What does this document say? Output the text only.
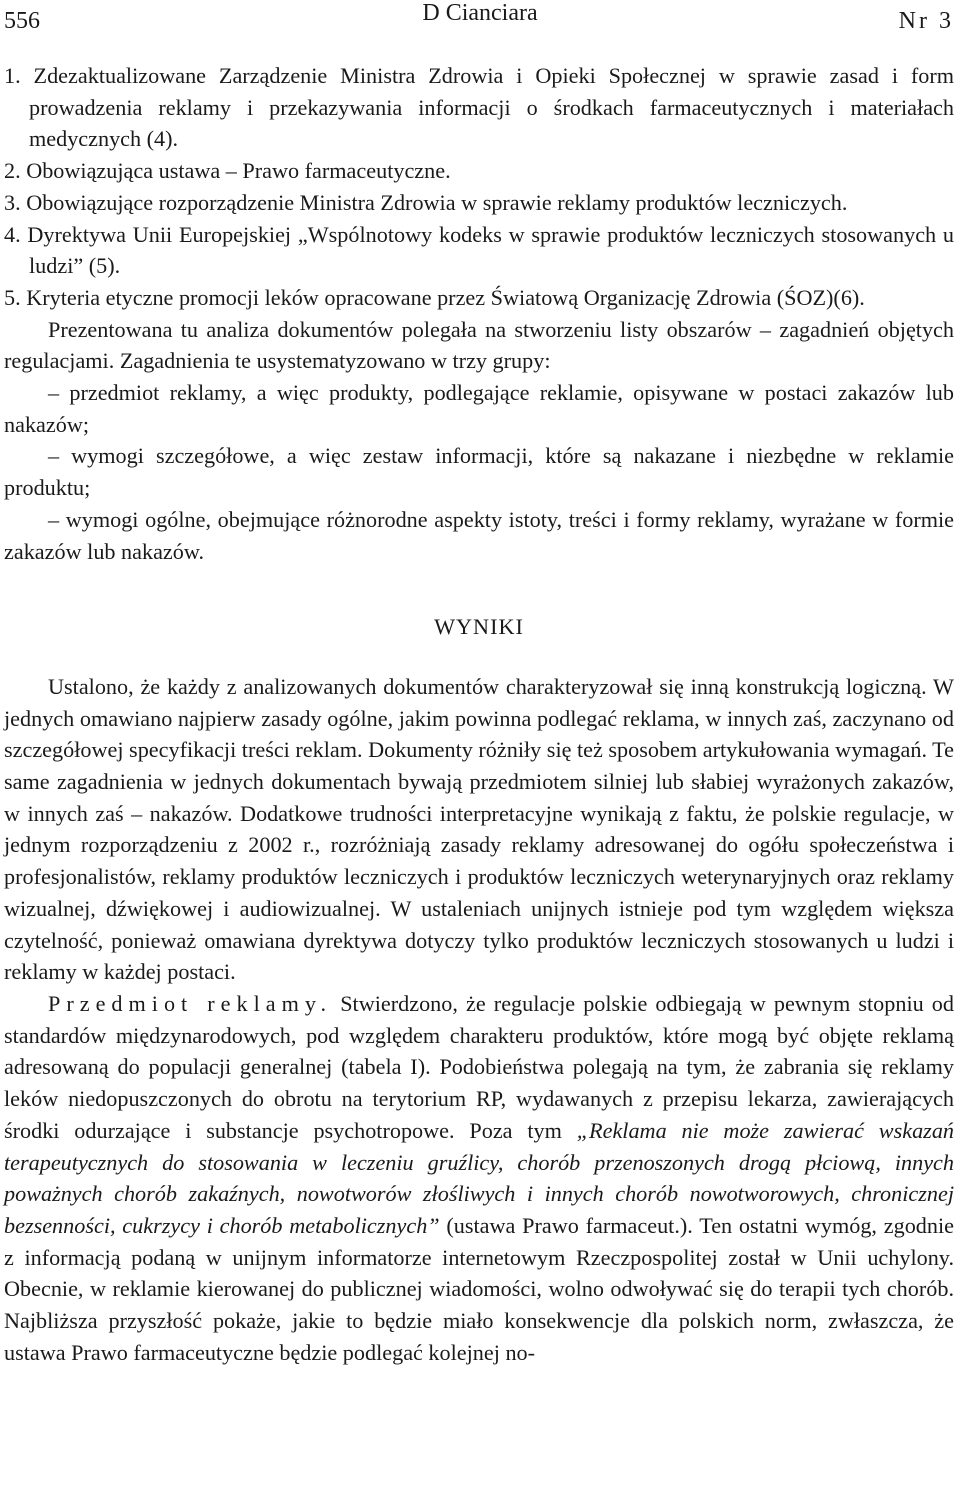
556	D Cianciara	Nr 3

1. Zdezaktualizowane Zarządzenie Ministra Zdrowia i Opieki Społecznej w sprawie zasad i form prowadzenia reklamy i przekazywania informacji o środkach farmaceutycznych i materiałach medycznych (4).

2. Obowiązująca ustawa – Prawo farmaceutyczne.

3. Obowiązujące rozporządzenie Ministra Zdrowia w sprawie reklamy produktów leczniczych.

4. Dyrektywa Unii Europejskiej „Wspólnotowy kodeks w sprawie produktów leczniczych stosowanych u ludzi” (5).

5. Kryteria etyczne promocji leków opracowane przez Światową Organizację Zdrowia (ŚOZ)(6).

Prezentowana tu analiza dokumentów polegała na stworzeniu listy obszarów – zagadnień objętych regulacjami. Zagadnienia te usystematyzowano w trzy grupy:

– przedmiot reklamy, a więc produkty, podlegające reklamie, opisywane w postaci zakazów lub nakazów;

– wymogi szczegółowe, a więc zestaw informacji, które są nakazane i niezbędne w reklamie produktu;

– wymogi ogólne, obejmujące różnorodne aspekty istoty, treści i formy reklamy, wyrażane w formie zakazów lub nakazów.

WYNIKI

Ustalono, że każdy z analizowanych dokumentów charakteryzował się inną konstrukcją logiczną. W jednych omawiano najpierw zasady ogólne, jakim powinna podlegać reklama, w innych zaś, zaczynano od szczegółowej specyfikacji treści reklam. Dokumenty różniły się też sposobem artykułowania wymagań. Te same zagadnienia w jednych dokumentach bywają przedmiotem silniej lub słabiej wyrażonych zakazów, w innych zaś – nakazów. Dodatkowe trudności interpretacyjne wynikają z faktu, że polskie regulacje, w jednym rozporządzeniu z 2002 r., rozróżniają zasady reklamy adresowanej do ogółu społeczeństwa i profesjonalistów, reklamy produktów leczniczych i produktów leczniczych weterynaryjnych oraz reklamy wizualnej, dźwiękowej i audiowizualnej. W ustaleniach unijnych istnieje pod tym względem większa czytelność, ponieważ omawiana dyrektywa dotyczy tylko produktów leczniczych stosowanych u ludzi i reklamy w każdej postaci.

Przedmiot reklamy. Stwierdzono, że regulacje polskie odbiegają w pewnym stopniu od standardów międzynarodowych, pod względem charakteru produktów, które mogą być objęte reklamą adresowaną do populacji generalnej (tabela I). Podobieństwa polegają na tym, że zabrania się reklamy leków niedopuszczonych do obrotu na terytorium RP, wydawanych z przepisu lekarza, zawierających środki odurzające i substancje psychotropowe. Poza tym „Reklama nie może zawierać wskazań terapeutycznych do stosowania w leczeniu gruźlicy, chorób przenoszonych drogą płciową, innych poważnych chorób zakaźnych, nowotworów złośliwych i innych chorób nowotworowych, chronicznej bezsenności, cukrzycy i chorób metabolicznych” (ustawa Prawo farmaceut.). Ten ostatni wymóg, zgodnie z informacją podaną w unijnym informatorze internetowym Rzeczpospolitej został w Unii uchylony. Obecnie, w reklamie kierowanej do publicznej wiadomości, wolno odwoływać się do terapii tych chorób. Najbliższa przyszłość pokaże, jakie to będzie miało konsekwencje dla polskich norm, zwłaszcza, że ustawa Prawo farmaceutyczne będzie podlegać kolejnej no-
